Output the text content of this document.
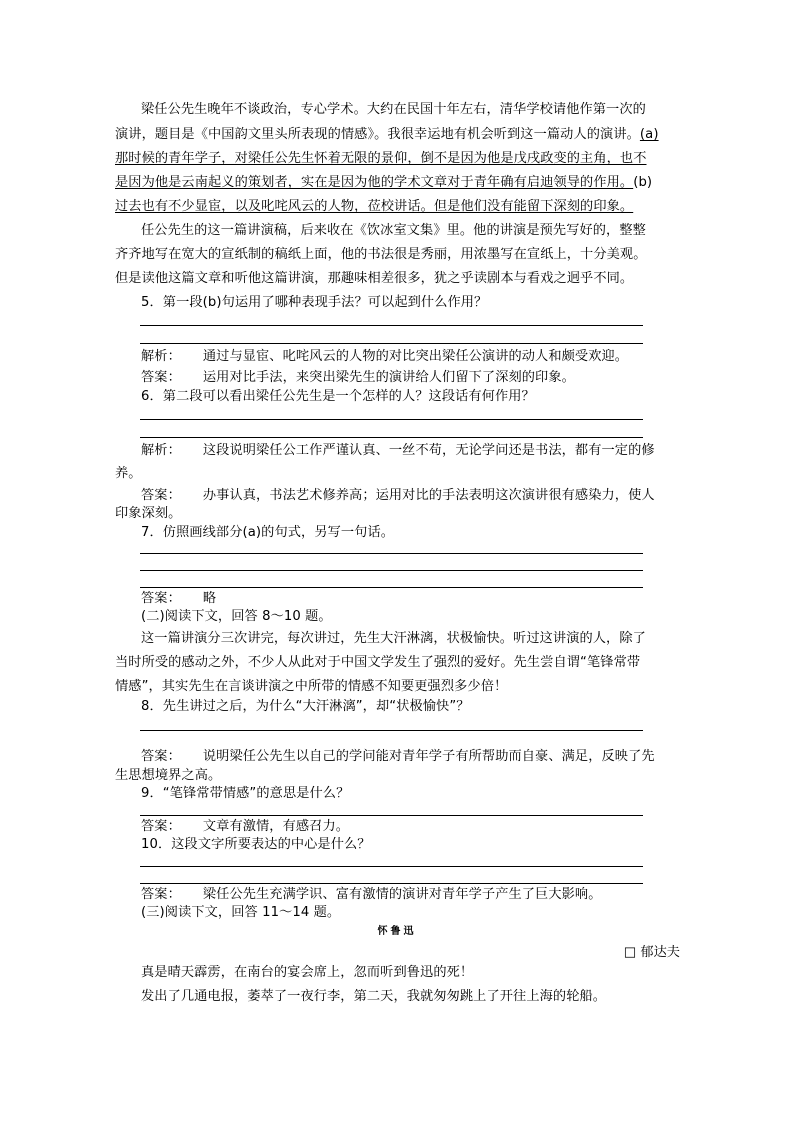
梁任公先生晚年不谈政治，专心学术。大约在民国十年左右，清华学校请他作第一次的
演讲，题目是《中国韵文里头所表现的情感》。我很幸运地有机会听到这一篇动人的演讲。(a)
那时候的青年学子，对梁任公先生怀着无限的景仰，倒不是因为他是戊戌政变的主角，也不
是因为他是云南起义的策划者，实在是因为他的学术文章对于青年确有启迪领导的作用。(b)
过去也有不少显宦，以及叱咤风云的人物，莅校讲话。但是他们没有能留下深刻的印象。
任公先生的这一篇讲演稿，后来收在《饮冰室文集》里。他的讲演是预先写好的，整整
齐齐地写在宽大的宣纸制的稿纸上面，他的书法很是秀丽，用浓墨写在宣纸上，十分美观。
但是读他这篇文章和听他这篇讲演，那趣味相差很多，犹之乎读剧本与看戏之迥乎不同。
5．第一段(b)句运用了哪种表现手法？可以起到什么作用？
解析： 通过与显宦、叱咤风云的人物的对比突出梁任公演讲的动人和颇受欢迎。
答案： 运用对比手法，来突出梁先生的演讲给人们留下了深刻的印象。
6．第二段可以看出梁任公先生是一个怎样的人？这段话有何作用？
解析： 这段说明梁任公工作严谨认真、一丝不苟，无论学问还是书法，都有一定的修
养。
答案： 办事认真，书法艺术修养高；运用对比的手法表明这次演讲很有感染力，使人
印象深刻。
7．仿照画线部分(a)的句式，另写一句话。
答案： 略
(二)阅读下文，回答 8～10 题。
这一篇讲演分三次讲完，每次讲过，先生大汗淋漓，状极愉快。听过这讲演的人，除了
当时所受的感动之外，不少人从此对于中国文学发生了强烈的爱好。先生尝自谓“笔锋常带
情感”，其实先生在言谈讲演之中所带的情感不知要更强烈多少倍！
8．先生讲过之后，为什么“大汗淋漓”，却“状极愉快”？
答案： 说明梁任公先生以自己的学问能对青年学子有所帮助而自豪、满足，反映了先
生思想境界之高。
9．“笔锋常带情感”的意思是什么？
答案： 文章有激情，有感召力。
10．这段文字所要表达的中心是什么？
答案： 梁任公先生充满学识、富有激情的演讲对青年学子产生了巨大影响。
(三)阅读下文，回答 11～14 题。
怀鲁迅
□ 郁达夫
真是晴天霹雳，在南台的宴会席上，忽而听到鲁迅的死！
发出了几通电报，萎萃了一夜行李，第二天，我就匆匆跳上了开往上海的轮船。
